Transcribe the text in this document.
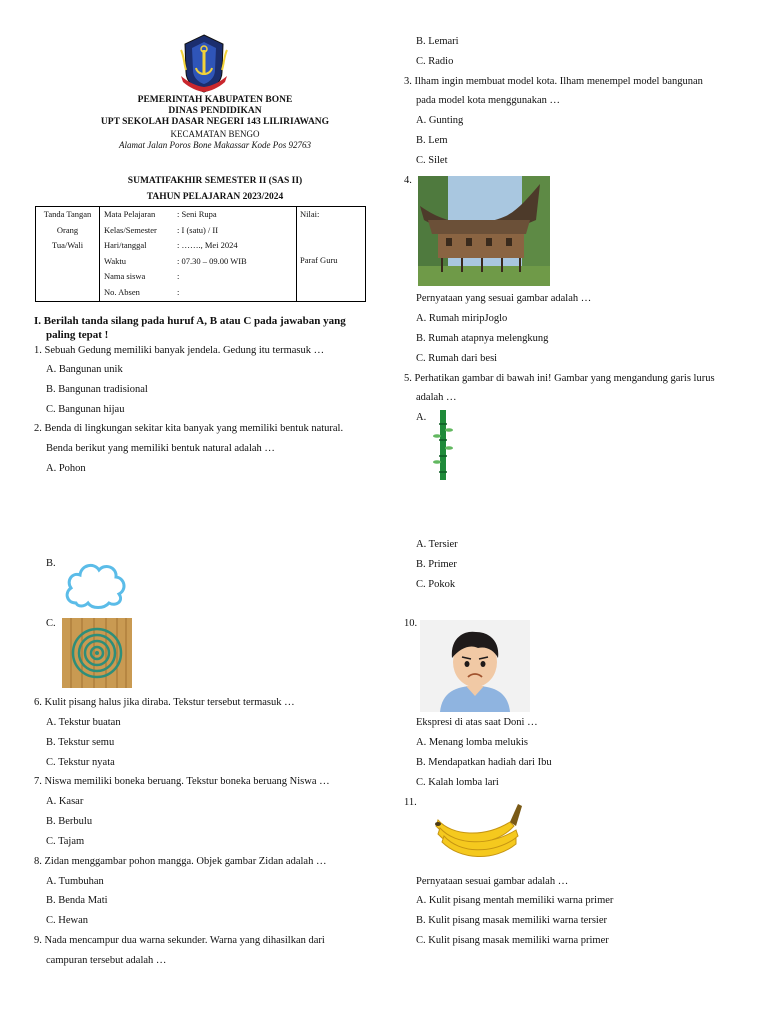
PEMERINTAH KABUPATEN BONE
DINAS PENDIDIKAN
UPT SEKOLAH DASAR NEGERI 143 LILIRIAWANG
KECAMATAN BENGO
Alamat Jalan Poros Bone Makassar Kode Pos 92763
SUMATIFAKHIR SEMESTER II (SAS II)
TAHUN PELAJARAN 2023/2024
Tanda Tangan
Orang
Tua/Wali
Mata Pelajaran
Kelas/Semester
Hari/tanggal
Waktu
Nama siswa
No. Absen
: Seni Rupa
: I (satu) / II
: ……., Mei 2024
: 07.30 – 09.00 WIB
:
:
Nilai:
Paraf Guru
I. Berilah tanda silang pada huruf A, B atau C pada jawaban yang
paling tepat !
1. Sebuah Gedung memiliki banyak jendela. Gedung itu termasuk …
A. Bangunan unik
B. Bangunan tradisional
C. Bangunan hijau
2. Benda di lingkungan sekitar kita banyak yang memiliki bentuk natural.
Benda berikut yang memiliki bentuk natural adalah …
A. Pohon
B.
C.
6. Kulit pisang halus jika diraba. Tekstur tersebut termasuk …
A. Tekstur buatan
B. Tekstur semu
C. Tekstur nyata
7. Niswa memiliki boneka beruang. Tekstur boneka beruang Niswa …
A. Kasar
B. Berbulu
C. Tajam
8. Zidan menggambar pohon mangga. Objek gambar Zidan adalah …
A. Tumbuhan
B. Benda Mati
C. Hewan
9. Nada mencampur dua warna sekunder. Warna yang dihasilkan dari
campuran tersebut adalah …
B. Lemari
C. Radio
3. Ilham ingin membuat model kota. Ilham menempel model bangunan
pada model kota menggunakan …
A. Gunting
B. Lem
C. Silet
4.
Pernyataan yang sesuai gambar adalah …
A. Rumah miripJoglo
B. Rumah atapnya melengkung
C. Rumah dari besi
5. Perhatikan gambar di bawah ini! Gambar yang mengandung garis lurus
adalah …
A.
A. Tersier
B. Primer
C. Pokok
10.
Ekspresi di atas saat Doni …
A. Menang lomba melukis
B. Mendapatkan hadiah dari Ibu
C. Kalah lomba lari
11.
Pernyataan sesuai gambar adalah …
A. Kulit pisang mentah memiliki warna primer
B. Kulit pisang masak memiliki warna tersier
C. Kulit pisang masak memiliki warna primer
